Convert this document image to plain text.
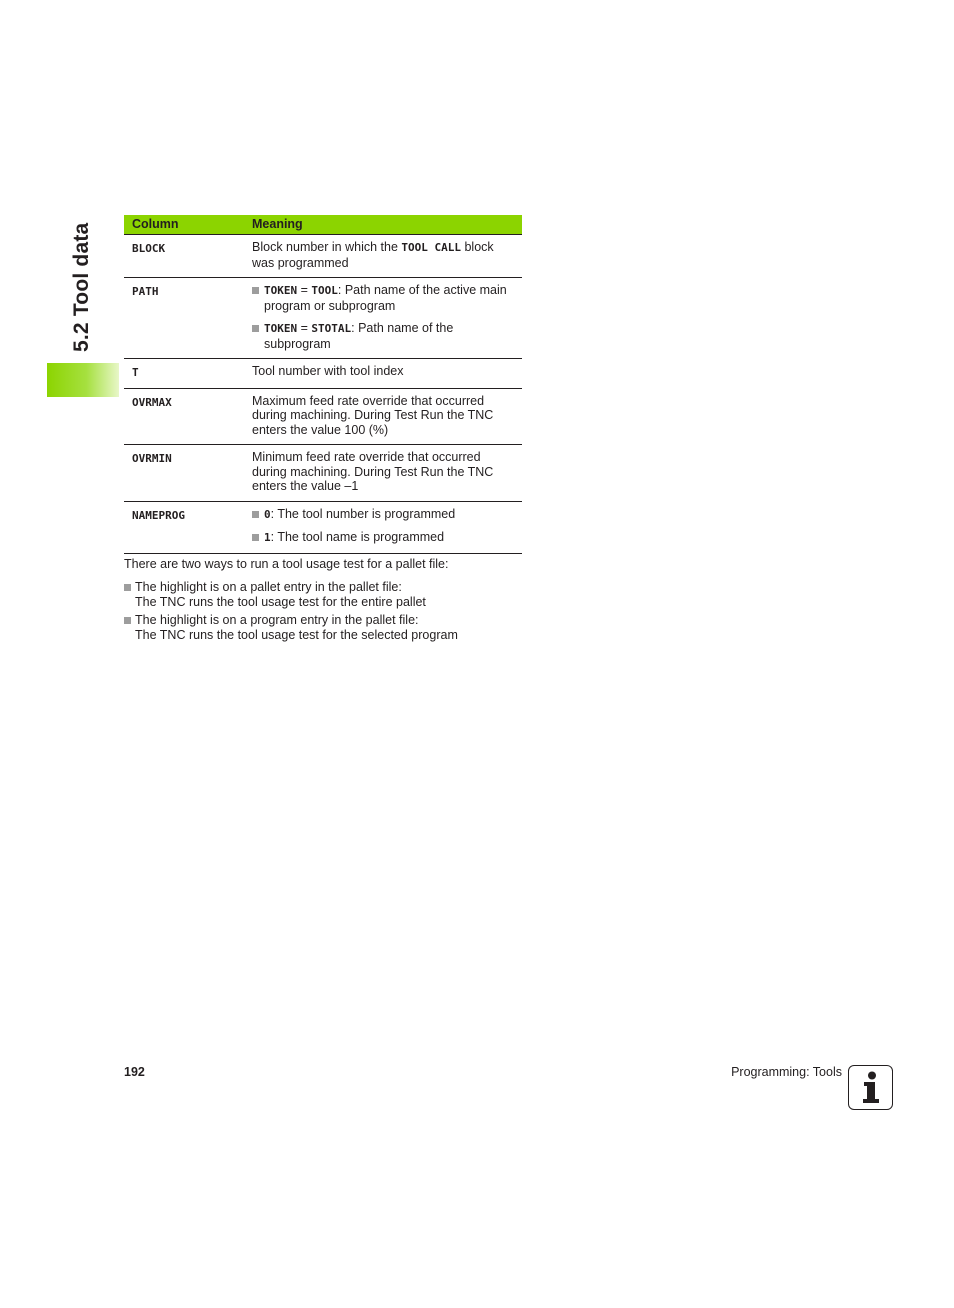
5.2 Tool data	Column	Meaning
BLOCK	Block number in which the TOOL CALL block was programmed
PATH	TOKEN = TOOL: Path name of the active main program or subprogram
TOKEN = STOTAL: Path name of the subprogram

T	Tool number with tool index
OVRMAX	Maximum feed rate override that occurred during machining. During Test Run the TNC enters the value 100 (%)
OVRMIN	Minimum feed rate override that occurred during machining. During Test Run the TNC enters the value –1
NAMEPROG	0: The tool number is programmed
1: The tool name is programmed
There are two ways to run a tool usage test for a pallet file:
The highlight is on a pallet entry in the pallet file:
The TNC runs the tool usage test for the entire pallet
The highlight is on a program entry in the pallet file:
The TNC runs the tool usage test for the selected program
192	Programming: Tools
